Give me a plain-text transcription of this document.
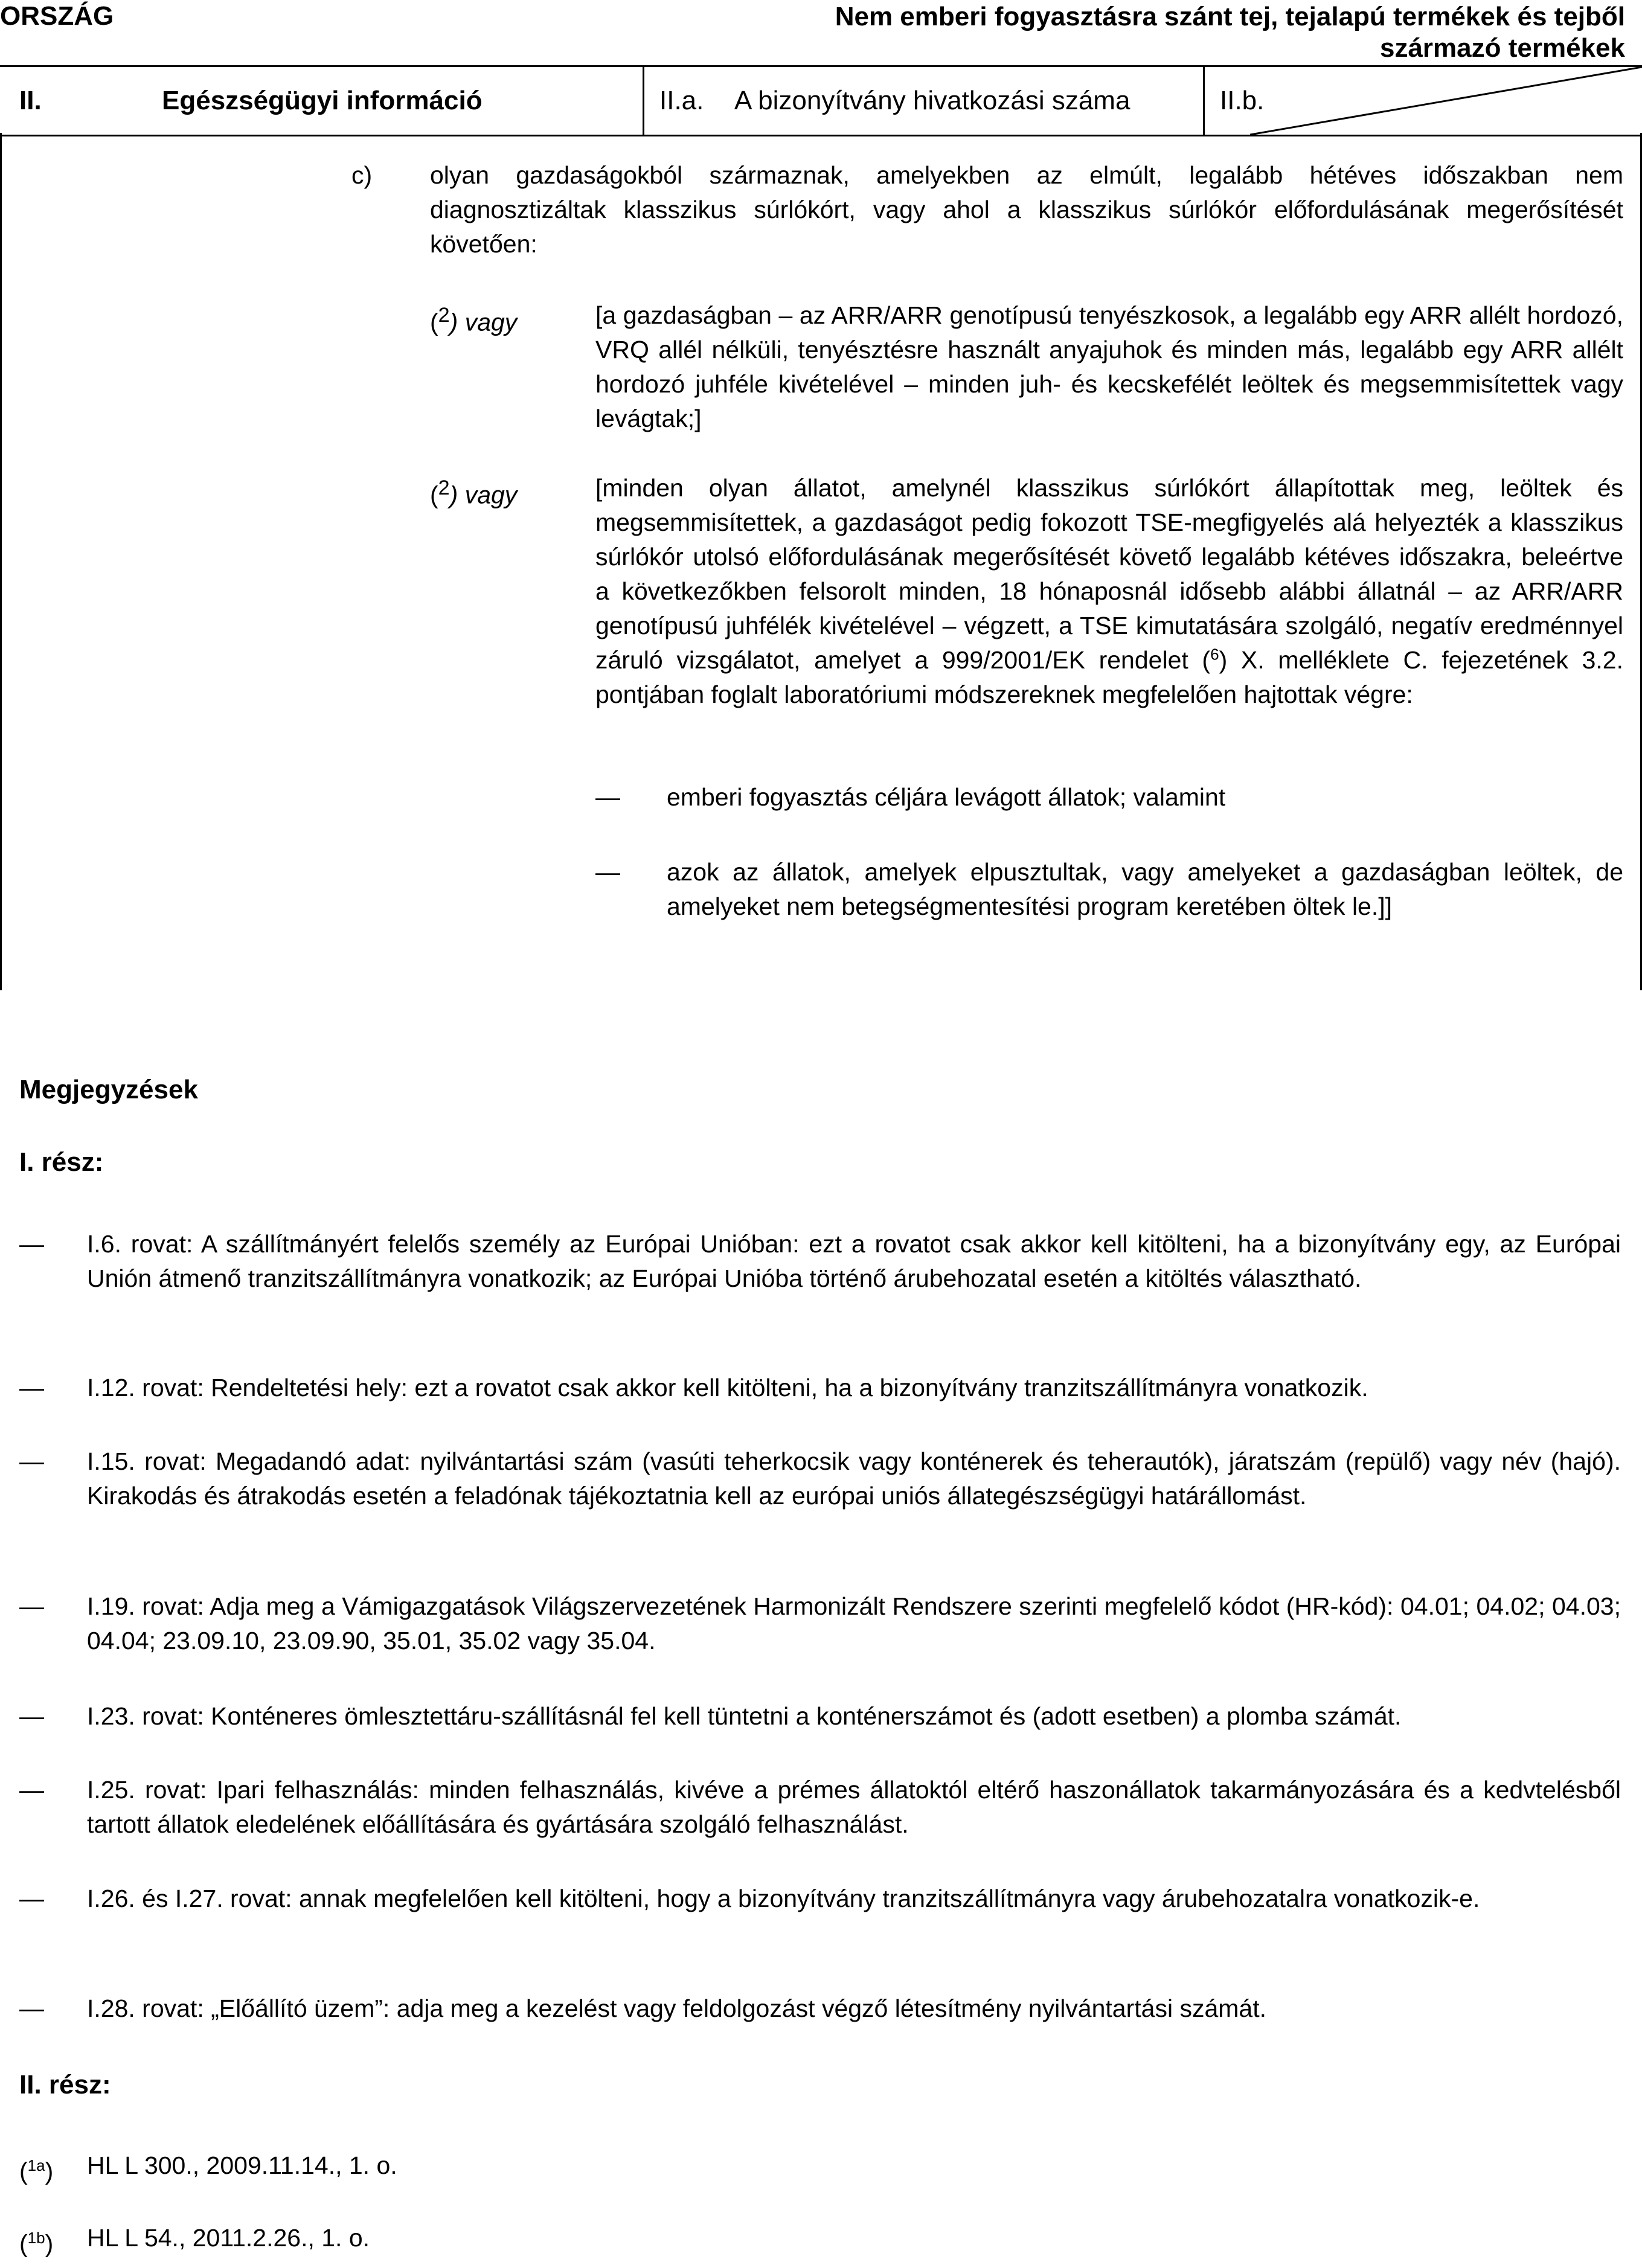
ORSZÁG	Nem emberi fogyasztásra szánt tej, tejalapú termékek és tejből származó termékek
II.	Egészségügyi információ	II.a. A bizonyítvány hivatkozási száma	II.b.
c) olyan gazdaságokból származnak, amelyekben az elmúlt, legalább hétéves időszakban nem diagnosztizáltak klasszikus súrlókórt, vagy ahol a klasszikus súrlókór előfordulásának megerősítését követően:
($^2$) vagy	[a gazdaságban – az ARR/ARR genotípusú tenyészkosok, a legalább egy ARR allélt hordozó, VRQ allél nélküli, tenyésztésre használt anyajuhok és minden más, legalább egy ARR allélt hordozó juhféle kivételével – minden juh- és kecskefélét leöltek és megsemmisítettek vagy levágtak;]
($^2$) vagy	[minden olyan állatot, amelynél klasszikus súrlókórt állapítottak meg, leöltek és megsemmisítettek, a gazdaságot pedig fokozott TSE-megfigyelés alá helyezték a klasszikus súrlókór utolsó előfordulásának megerősítését követő legalább kétéves időszakra, beleértve a következőkben felsorolt minden, 18 hónaposnál idősebb alábbi állatnál – az ARR/ARR genotípusú juhfélék kivételével – végzett, a TSE kimutatására szolgáló, negatív eredménnyel záruló vizsgálatot, amelyet a 999/2001/EK rendelet ($^6$) X. melléklete C. fejezetének 3.2. pontjában foglalt laboratóriumi módszereknek megfelelően hajtottak végre:
— emberi fogyasztás céljára levágott állatok; valamint
— azok az állatok, amelyek elpusztultak, vagy amelyeket a gazdaságban leöltek, de amelyeket nem betegségmentesítési program keretében öltek le.]]
Megjegyzések
I. rész:
— I.6. rovat: A szállítmányért felelős személy az Európai Unióban: ezt a rovatot csak akkor kell kitölteni, ha a bizonyítvány egy, az Európai Unión átmenő tranzitszállítmányra vonatkozik; az Európai Unióba történő árubehozatal esetén a kitöltés választható.
— I.12. rovat: Rendeltetési hely: ezt a rovatot csak akkor kell kitölteni, ha a bizonyítvány tranzitszállítmányra vonatkozik.
— I.15. rovat: Megadandó adat: nyilvántartási szám (vasúti teherkocsik vagy konténerek és teherautók), járatszám (repülő) vagy név (hajó). Kirakodás és átrakodás esetén a feladónak tájékoztatnia kell az európai uniós állategészségügyi határállomást.
— I.19. rovat: Adja meg a Vámigazgatások Világszervezetének Harmonizált Rendszere szerinti megfelelő kódot (HR-kód): 04.01; 04.02; 04.03; 04.04; 23.09.10, 23.09.90, 35.01, 35.02 vagy 35.04.
— I.23. rovat: Konténeres ömlesztettáru-szállításnál fel kell tüntetni a konténerszámot és (adott esetben) a plomba számát.
— I.25. rovat: Ipari felhasználás: minden felhasználás, kivéve a prémes állatoktól eltérő haszonállatok takarmányozására és a kedvtelésből tartott állatok eledelének előállítására és gyártására szolgáló felhasználást.
— I.26. és I.27. rovat: annak megfelelően kell kitölteni, hogy a bizonyítvány tranzitszállítmányra vagy árubehozatalra vonatkozik-e.
— I.28. rovat: „Előállító üzem”: adja meg a kezelést vagy feldolgozást végző létesítmény nyilvántartási számát.
II. rész:
($^{1a}$) HL L 300., 2009.11.14., 1. o.
($^{1b}$) HL L 54., 2011.2.26., 1. o.
